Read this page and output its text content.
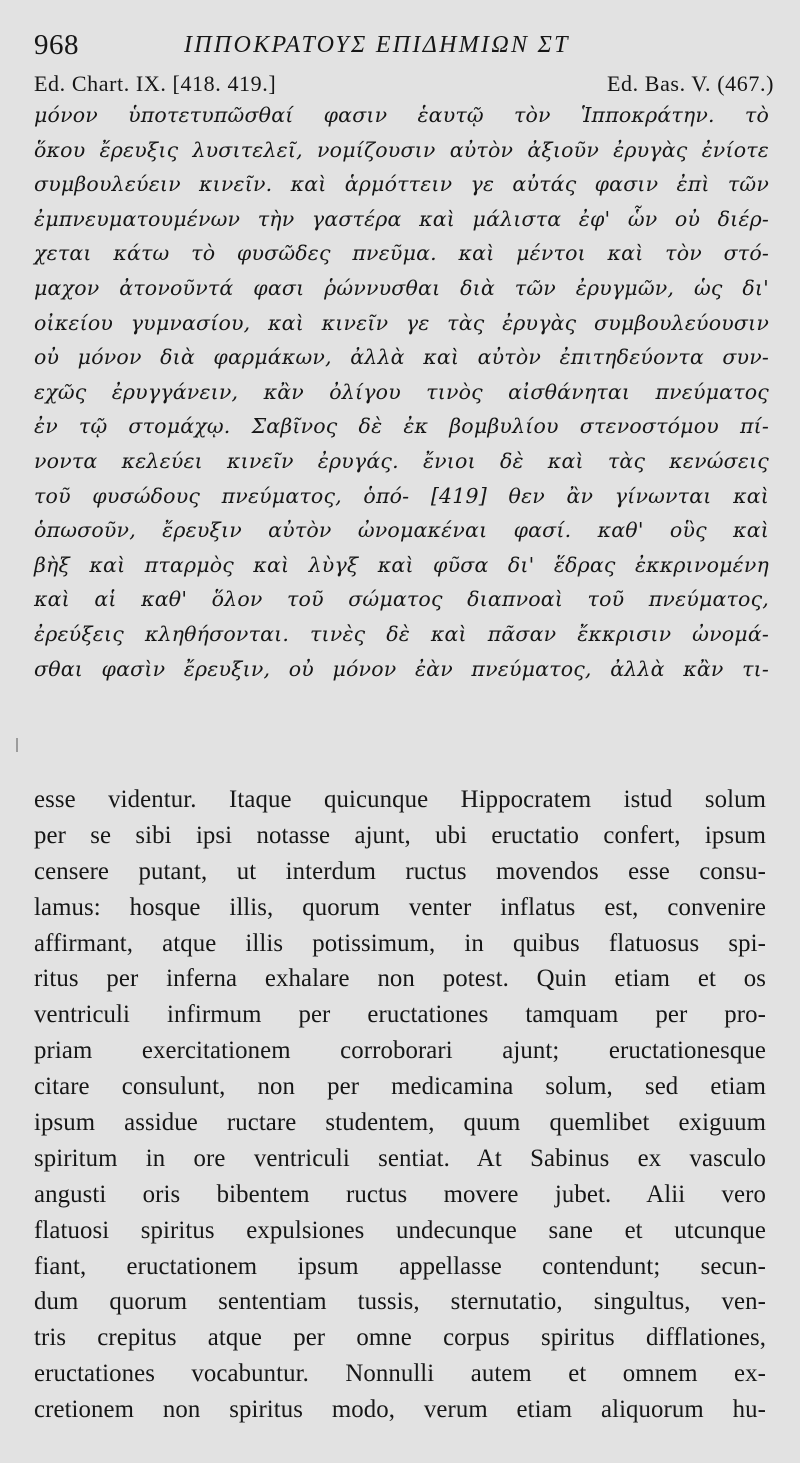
968	ΙΠΠΟΚΡΑΤΟΥΣ ΕΠΙΔΗΜΙΩΝ ΣΤ
Ed. Chart. IX. [418. 419.]	Ed. Bas. V. (467.)
μόνον ὑποτετυπῶσθαί φασιν ἑαυτῷ τὸν Ἱπποκράτην. τὸ
ὅκου ἔρευξις λυσιτελεῖ, νομίζουσιν αὐτὸν ἀξιοῦν ἐρυγὰς ἐνίοτε
συμβουλεύειν κινεῖν. καὶ ἁρμόττειν γε αὐτάς φασιν ἐπὶ τῶν
ἐμπνευματουμένων τὴν γαστέρα καὶ μάλιστα ἐφ' ὧν οὐ διέρ-
χεται κάτω τὸ φυσῶδες πνεῦμα. καὶ μέντοι καὶ τὸν στό-
μαχον ἀτονοῦντά φασι ῥώννυσθαι διὰ τῶν ἐρυγμῶν, ὡς δι'
οἰκείου γυμνασίου, καὶ κινεῖν γε τὰς ἐρυγὰς συμβουλεύουσιν
οὐ μόνον διὰ φαρμάκων, ἀλλὰ καὶ αὐτὸν ἐπιτηδεύοντα συν-
εχῶς ἐρυγγάνειν, κἂν ὀλίγου τινὸς αἰσθάνηται πνεύματος
ἐν τῷ στομάχῳ. Σαβῖνος δὲ ἐκ βομβυλίου στενοστόμου πί-
νοντα κελεύει κινεῖν ἐρυγάς. ἔνιοι δὲ καὶ τὰς κενώσεις
τοῦ φυσώδους πνεύματος, ὁπό- [419] θεν ἂν γίνωνται καὶ
ὁπωσοῦν, ἔρευξιν αὐτὸν ὠνομακέναι φασί. καθ' οὓς καὶ
βὴξ καὶ πταρμὸς καὶ λὺγξ καὶ φῦσα δι' ἕδρας ἐκκρινομένη
καὶ αἱ καθ' ὅλον τοῦ σώματος διαπνοαὶ τοῦ πνεύματος,
ἐρεύξεις κληθήσονται. τινὲς δὲ καὶ πᾶσαν ἔκκρισιν ὠνομά-
σθαι φασὶν ἔρευξιν, οὐ μόνον ἐὰν πνεύματος, ἀλλὰ κἂν τι-
esse videntur. Itaque quicunque Hippocratem istud solum
per se sibi ipsi notasse ajunt, ubi eructatio confert, ipsum
censere putant, ut interdum ructus movendos esse consu-
lamus: hosque illis, quorum venter inflatus est, convenire
affirmant, atque illis potissimum, in quibus flatuosus spi-
ritus per inferna exhalare non potest. Quin etiam et os
ventriculi infirmum per eructationes tamquam per pro-
priam exercitationem corroborari ajunt; eructationesque
citare consulunt, non per medicamina solum, sed etiam
ipsum assidue ructare studentem, quum quemlibet exiguum
spiritum in ore ventriculi sentiat. At Sabinus ex vasculo
angusti oris bibentem ructus movere jubet. Alii vero
flatuosi spiritus expulsiones undecunque sane et utcunque
fiant, eructationem ipsum appellasse contendunt; secun-
dum quorum sententiam tussis, sternutatio, singultus, ven-
tris crepitus atque per omne corpus spiritus difflationes,
eructationes vocabuntur. Nonnulli autem et omnem ex-
cretionem non spiritus modo, verum etiam aliquorum hu-
